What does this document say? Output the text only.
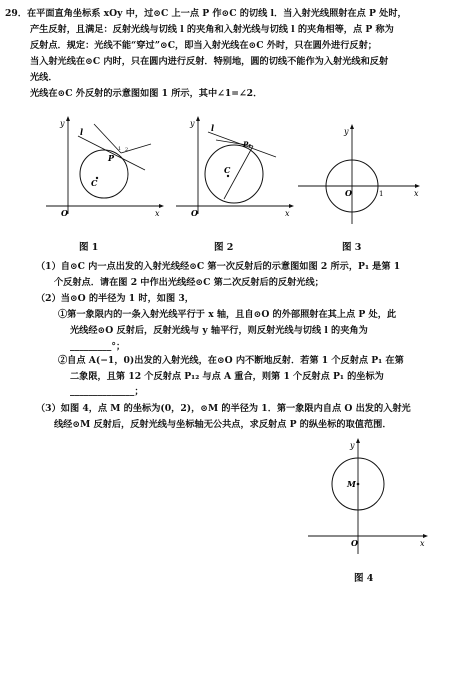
29．在平面直角坐标系 xOy 中，过⊙C 上一点 P 作⊙C 的切线 l．当入射光线照射在点 P 处时，
产生反射，且满足：反射光线与切线 l 的夹角和入射光线与切线 l 的夹角相等，点 P 称为
反射点．规定：光线不能“穿过”⊙C，即当入射光线在⊙C 外时，只在圆外进行反射；
当入射光线在⊙C 内时，只在圆内进行反射．特别地，圆的切线不能作为入射光线和反射
光线．
光线在⊙C 外反射的示意图如图 1 所示，其中∠1=∠2．
y
x
O
C
P
l
1 2
图 1
y
x
O
C
P₁
l
图 2
y
x
O	1
图 3
（1）自⊙C 内一点出发的入射光线经⊙C 第一次反射后的示意图如图 2 所示，P₁ 是第 1
个反射点．请在图 2 中作出光线经⊙C 第二次反射后的反射光线；
（2）当⊙O 的半径为 1 时，如图 3，
①第一象限内的一条入射光线平行于 x 轴，且自⊙O 的外部照射在其上点 P 处，此
光线经⊙O 反射后，反射光线与 y 轴平行，则反射光线与切线 l 的夹角为
_________°；
②自点 A(−1，0)出发的入射光线，在⊙O 内不断地反射．若第 1 个反射点 P₁ 在第
二象限，且第 12 个反射点 P₁₂ 与点 A 重合，则第 1 个反射点 P₁ 的坐标为
______________；
（3）如图 4，点 M 的坐标为(0，2)，⊙M 的半径为 1．第一象限内自点 O 出发的入射光
线经⊙M 反射后，反射光线与坐标轴无公共点，求反射点 P 的纵坐标的取值范围．
y
x
O
M
图 4
